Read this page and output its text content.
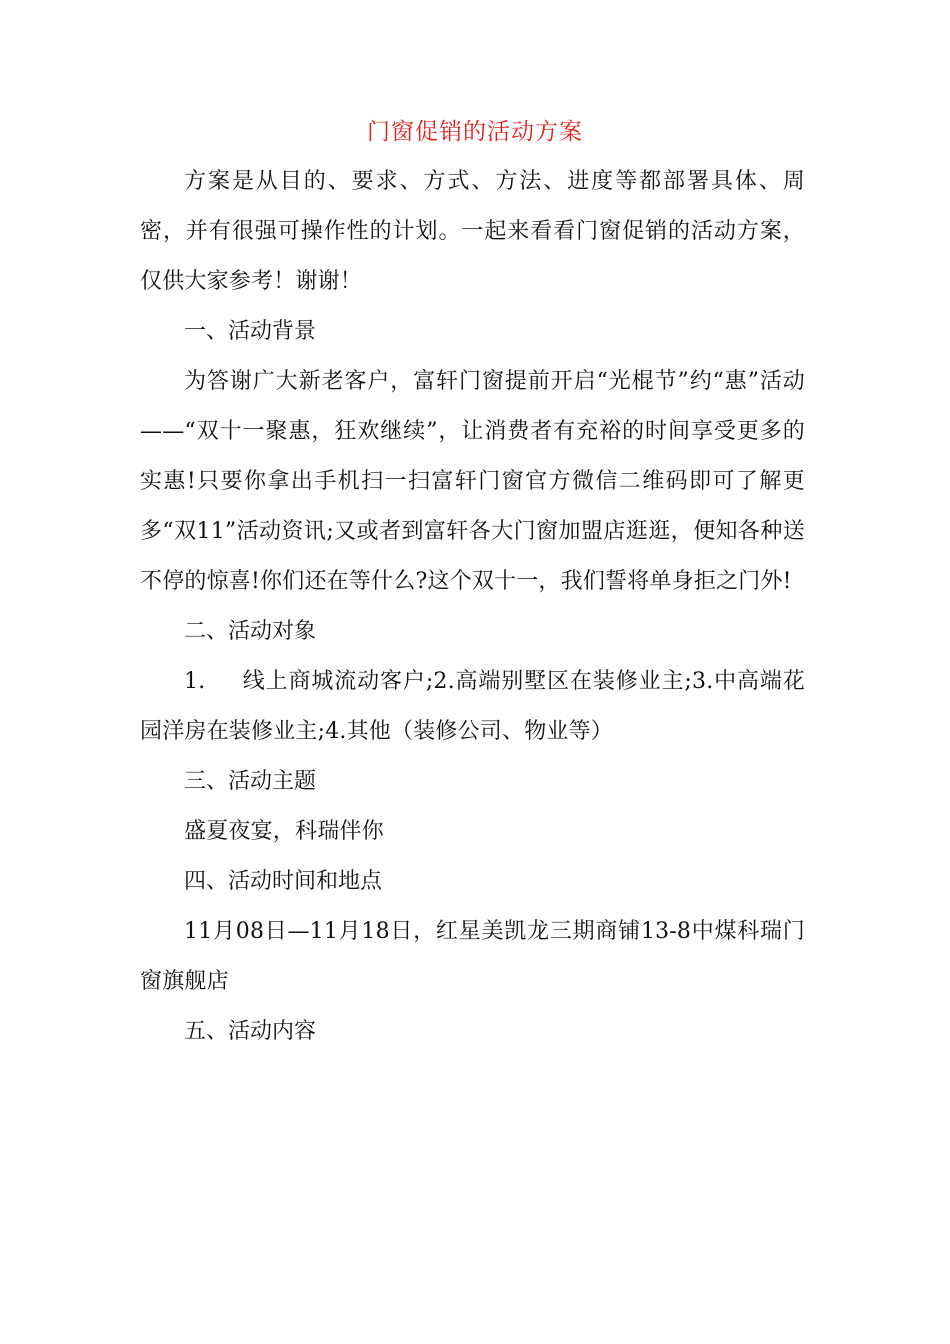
门窗促销的活动方案

方案是从目的、要求、方式、方法、进度等都部署具体、周密，并有很强可操作性的计划。一起来看看门窗促销的活动方案，仅供大家参考！谢谢！

一、活动背景

为答谢广大新老客户，富轩门窗提前开启“光棍节”约“惠”活动——“双十一聚惠，狂欢继续”，让消费者有充裕的时间享受更多的实惠!只要你拿出手机扫一扫富轩门窗官方微信二维码即可了解更多“双11”活动资讯;又或者到富轩各大门窗加盟店逛逛，便知各种送不停的惊喜!你们还在等什么?这个双十一，我们誓将单身拒之门外!

二、活动对象

1. 线上商城流动客户;2.高端别墅区在装修业主;3.中高端花园洋房在装修业主;4.其他（装修公司、物业等）

三、活动主题

盛夏夜宴，科瑞伴你

四、活动时间和地点

11月08日—11月18日，红星美凯龙三期商铺13-8中煤科瑞门窗旗舰店

五、活动内容
